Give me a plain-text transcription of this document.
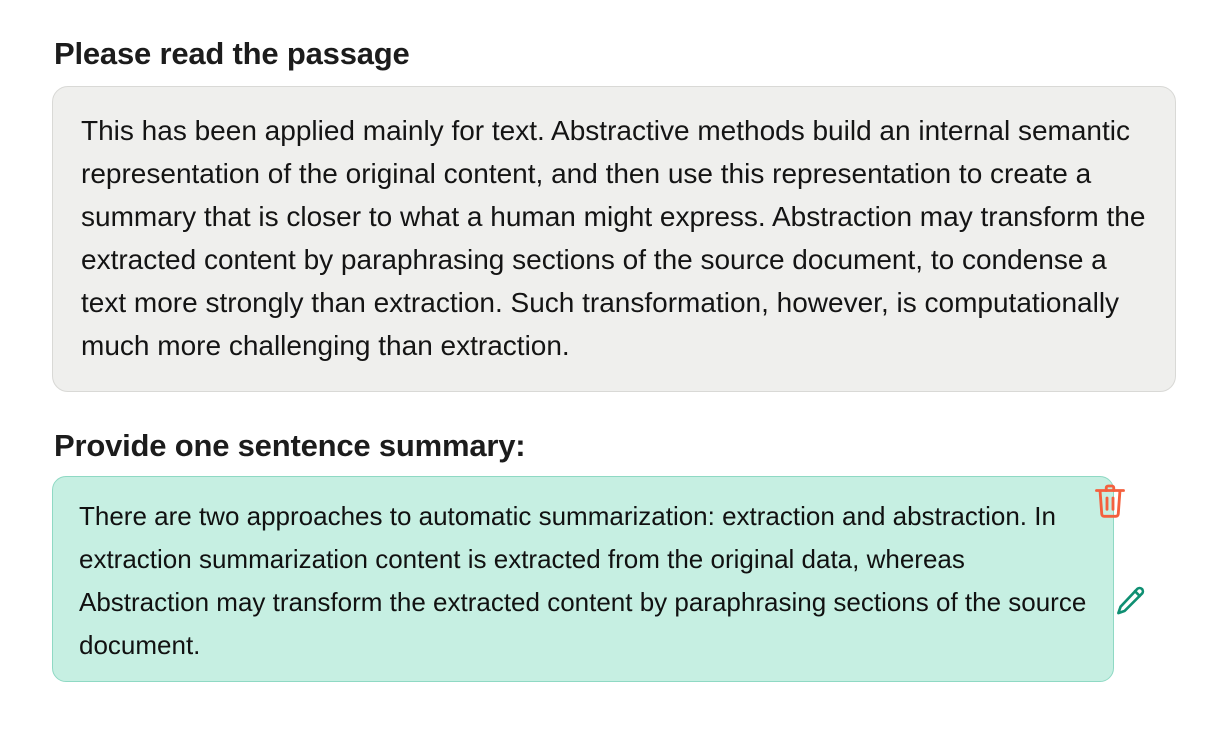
Please read the passage
This has been applied mainly for text. Abstractive methods build an internal semantic representation of the original content, and then use this representation to create a summary that is closer to what a human might express. Abstraction may transform the extracted content by paraphrasing sections of the source document, to condense a text more strongly than extraction. Such transformation, however, is computationally much more challenging than extraction.
Provide one sentence summary:
There are two approaches to automatic summarization: extraction and abstraction. In extraction summarization content is extracted from the original data, whereas Abstraction may transform the extracted content by paraphrasing sections of the source document.
